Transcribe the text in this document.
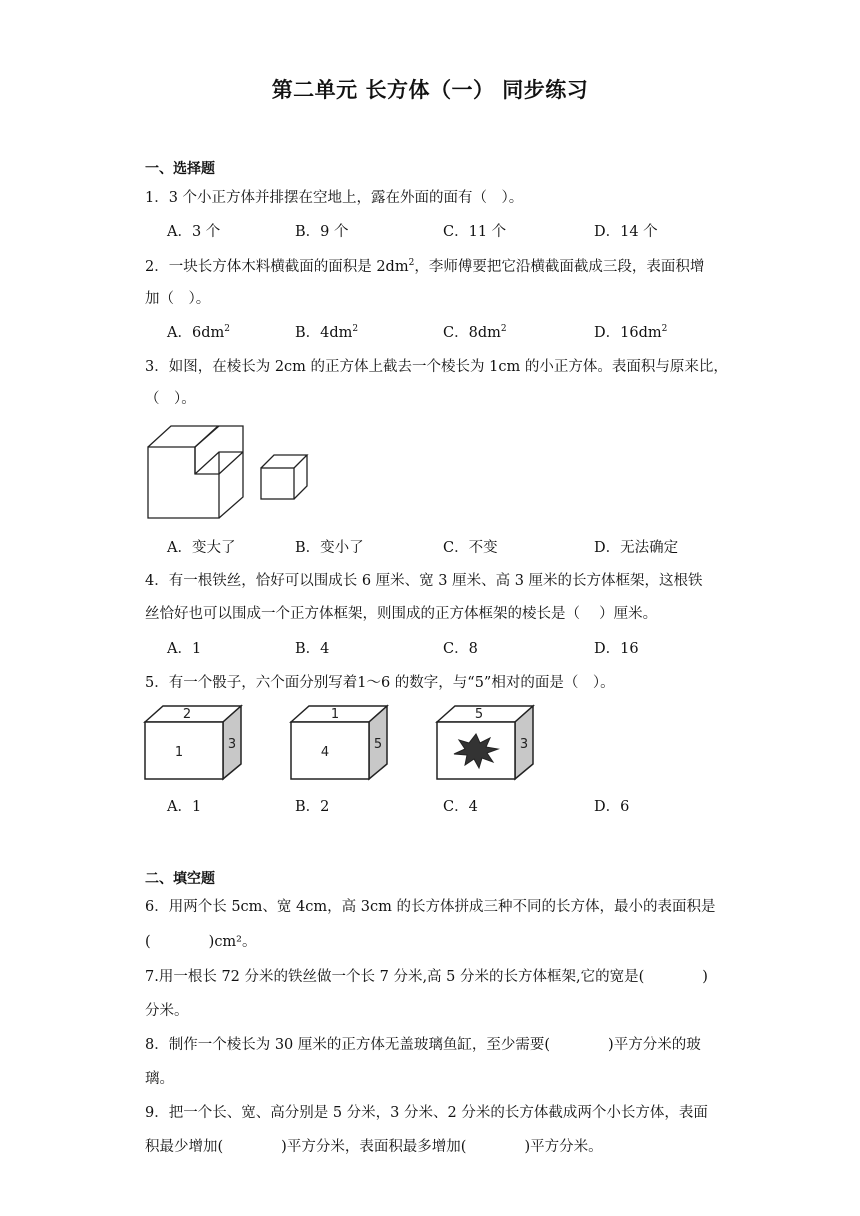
第二单元 长方体（一） 同步练习
一、选择题
1．3 个小正方体并排摆在空地上，露在外面的面有（　）。
A．3 个	B．9 个	C．11 个	D．14 个
2．一块长方体木料横截面的面积是 $2dm^2$，李师傅要把它沿横截面截成三段，表面积增
加（　）。
A．$6dm^2$	B．$4dm^2$	C．$8dm^2$	D．$16dm^2$
3．如图，在棱长为 2cm 的正方体上截去一个棱长为 1cm 的小正方体。表面积与原来比，
（　）。
A．变大了	B．变小了	C．不变	D．无法确定
4．有一根铁丝，恰好可以围成长 6 厘米、宽 3 厘米、高 3 厘米的长方体框架，这根铁
丝恰好也可以围成一个正方体框架，则围成的正方体框架的棱长是（　 ）厘米。
A．1	B．4	C．8	D．16
5．有一个骰子，六个面分别写着1～6 的数字，与“5”相对的面是（　）。
2
1
3
1
4
5
5
3
A．1	B．2	C．4	D．6
二、填空题
6．用两个长 5cm、宽 4cm，高 3cm 的长方体拼成三种不同的长方体，最小的表面积是
(　　　　)cm²。
7.用一根长 72 分米的铁丝做一个长 7 分米,高 5 分米的长方体框架,它的宽是(　　　　)
分米。
8．制作一个棱长为 30 厘米的正方体无盖玻璃鱼缸，至少需要(　　　　)平方分米的玻
璃。
9．把一个长、宽、高分别是 5 分米，3 分米、2 分米的长方体截成两个小长方体，表面
积最少增加(　　　　)平方分米，表面积最多增加(　　　　)平方分米。
